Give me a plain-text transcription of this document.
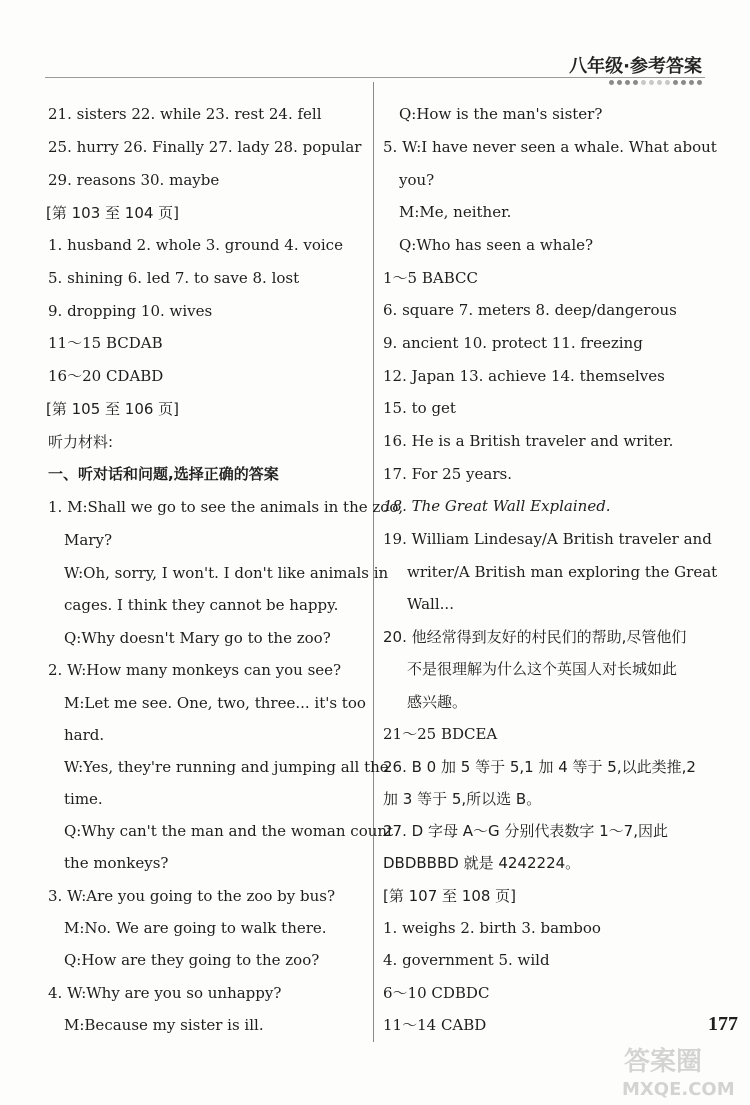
八年级·参考答案
21. sisters 22. while 23. rest 24. fell
25. hurry 26. Finally 27. lady 28. popular
29. reasons 30. maybe
[第 103 至 104 页]
1. husband 2. whole 3. ground 4. voice
5. shining 6. led 7. to save 8. lost
9. dropping 10. wives
11～15 BCDAB
16～20 CDABD
[第 105 至 106 页]
听力材料:
一、听对话和问题,选择正确的答案
1. M:Shall we go to see the animals in the zoo,
Mary?
W:Oh, sorry, I won't. I don't like animals in
cages. I think they cannot be happy.
Q:Why doesn't Mary go to the zoo?
2. W:How many monkeys can you see?
M:Let me see. One, two, three... it's too
hard.
W:Yes, they're running and jumping all the
time.
Q:Why can't the man and the woman count
the monkeys?
3. W:Are you going to the zoo by bus?
M:No. We are going to walk there.
Q:How are they going to the zoo?
4. W:Why are you so unhappy?
M:Because my sister is ill.
Q:How is the man's sister?
5. W:I have never seen a whale. What about
you?
M:Me, neither.
Q:Who has seen a whale?
1～5 BABCC
6. square 7. meters 8. deep/dangerous
9. ancient 10. protect 11. freezing
12. Japan 13. achieve 14. themselves
15. to get
16. He is a British traveler and writer.
17. For 25 years.
18. The Great Wall Explained.
19. William Lindesay/A British traveler and
writer/A British man exploring the Great
Wall...
20. 他经常得到友好的村民们的帮助,尽管他们
不是很理解为什么这个英国人对长城如此
感兴趣。
21～25 BDCEA
26. B 0 加 5 等于 5,1 加 4 等于 5,以此类推,2
加 3 等于 5,所以选 B。
27. D 字母 A～G 分别代表数字 1～7,因此
DBDBBBD 就是 4242224。
[第 107 至 108 页]
1. weighs 2. birth 3. bamboo
4. government 5. wild
6～10 CDBDC
11～14 CABD	177
答案圈
MXQE.COM
